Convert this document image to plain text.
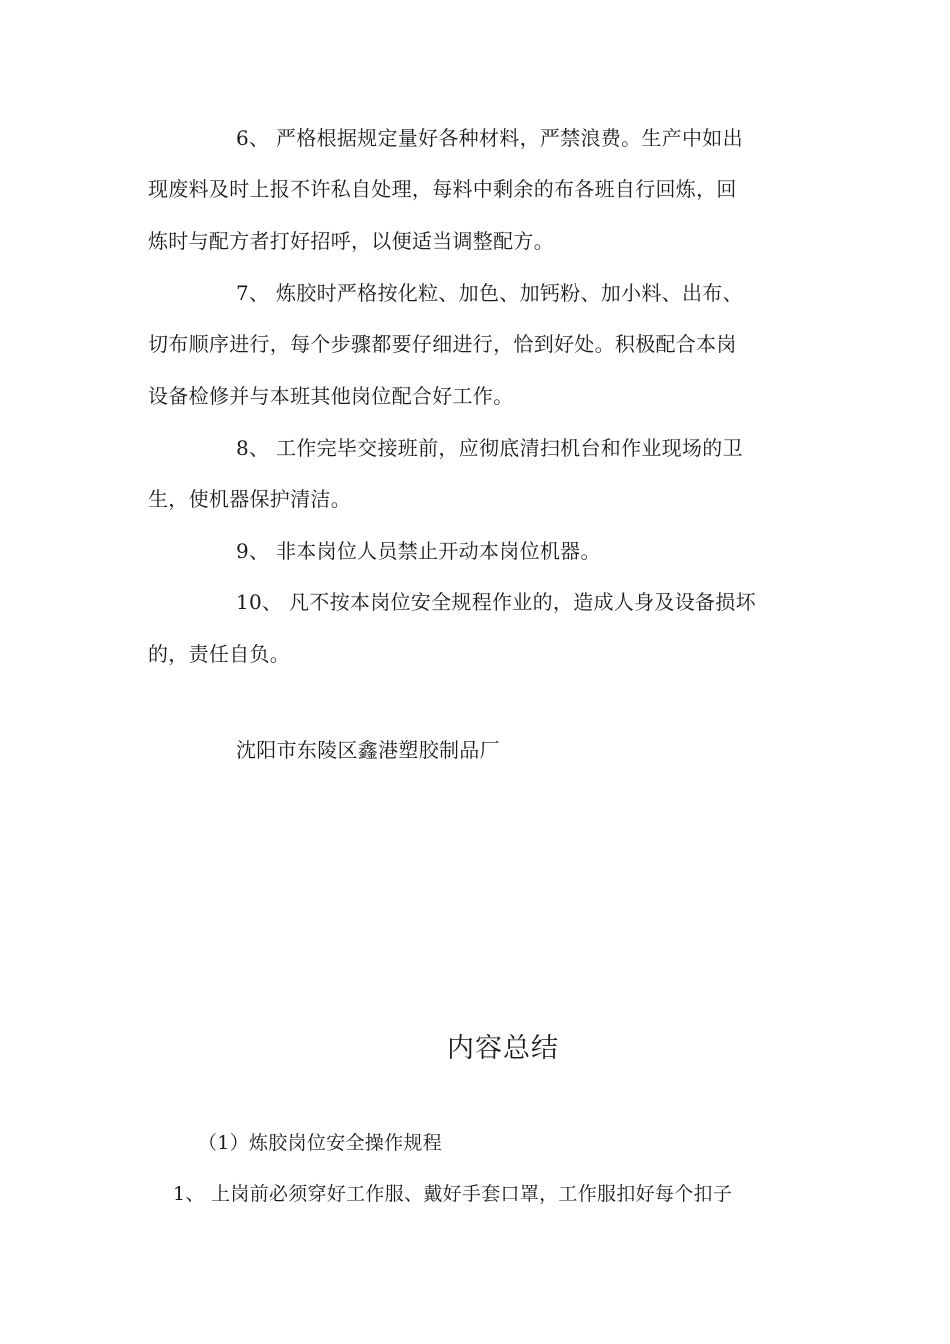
6、 严格根据规定量好各种材料，严禁浪费。生产中如出
现废料及时上报不许私自处理，每料中剩余的布各班自行回炼，回
炼时与配方者打好招呼，以便适当调整配方。
7、 炼胶时严格按化粒、加色、加钙粉、加小料、出布、
切布顺序进行，每个步骤都要仔细进行，恰到好处。积极配合本岗
设备检修并与本班其他岗位配合好工作。
8、 工作完毕交接班前，应彻底清扫机台和作业现场的卫
生，使机器保护清洁。
9、 非本岗位人员禁止开动本岗位机器。
10、 凡不按本岗位安全规程作业的，造成人身及设备损坏
的，责任自负。
沈阳市东陵区鑫港塑胶制品厂
内容总结
（1）炼胶岗位安全操作规程
1、 上岗前必须穿好工作服、戴好手套口罩，工作服扣好每个扣子
